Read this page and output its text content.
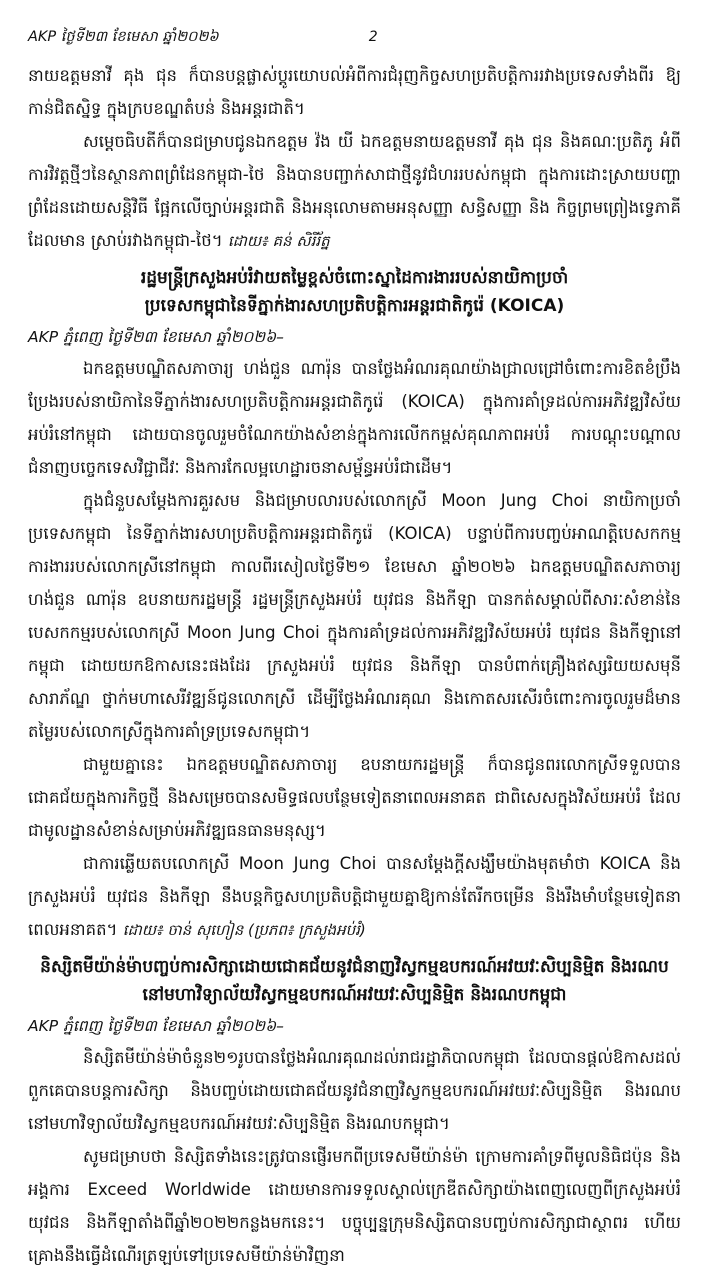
AKP ថ្ងៃទី២៣ ខែមេសា ឆ្នាំ២០២៦	2

នាយឧត្តមនាវី គុង ជុន ក៏បានបន្តផ្លាស់ប្តូរយោបល់អំពីការជំរុញកិច្ចសហប្រតិបត្តិការរវាងប្រទេសទាំងពីរ ឱ្យកាន់ជិតស្និទ្ធ ក្នុងក្របខណ្ឌតំបន់ និងអន្តរជាតិ។

សម្តេចធិបតីក៏បានជម្រាបជូនឯកឧត្តម វ៉ង យី ឯកឧត្តមនាយឧត្តមនាវី គុង ជុន និងគណៈប្រតិភូ អំពីការវិវត្តថ្មីៗនៃស្ថានភាពព្រំដែនកម្ពុជា-ថៃ និងបានបញ្ជាក់សាជាថ្មីនូវជំហររបស់កម្ពុជា ក្នុងការដោះស្រាយបញ្ហាព្រំដែនដោយសន្តិវិធី ផ្អែកលើច្បាប់អន្តរជាតិ និងអនុលោមតាមអនុសញ្ញា សន្ធិសញ្ញា និង កិច្ចព្រមព្រៀងទ្វេភាគីដែលមាន ស្រាប់រវាងកម្ពុជា-ថៃ។ ដោយ៖ គន់ សិរីរ័ត្ន

រដ្ឋមន្ត្រីក្រសួងអប់រំវាយតម្លៃខ្ពស់ចំពោះស្នាដៃការងាររបស់នាយិកាប្រចាំ
ប្រទេសកម្ពុជានៃទីភ្នាក់ងារសហប្រតិបត្តិការអន្តរជាតិកូរ៉េ (KOICA)

AKP ភ្នំពេញ ថ្ងៃទី២៣ ខែមេសា ឆ្នាំ២០២៦–

ឯកឧត្តមបណ្ឌិតសភាចារ្យ ហង់ជួន ណារ៉ុន បានថ្លែងអំណរគុណយ៉ាងជ្រាលជ្រៅចំពោះការខិតខំប្រឹងប្រែងរបស់នាយិកានៃទីភ្នាក់ងារសហប្រតិបត្តិការអន្តរជាតិកូរ៉េ (KOICA) ក្នុងការគាំទ្រដល់ការអភិវឌ្ឍវិស័យអប់រំនៅកម្ពុជា ដោយបានចូលរួមចំណែកយ៉ាងសំខាន់ក្នុងការលើកកម្ពស់គុណភាពអប់រំ ការបណ្តុះបណ្តាលជំនាញបច្ចេកទេសវិជ្ជាជីវៈ និងការកែលម្អហេដ្ឋារចនាសម្ព័ន្ធអប់រំជាដើម។

ក្នុងជំនួបសម្តែងការគួរសម និងជម្រាបលារបស់លោកស្រី Moon Jung Choi នាយិកាប្រចាំប្រទេសកម្ពុជា នៃទីភ្នាក់ងារសហប្រតិបត្តិការអន្តរជាតិកូរ៉េ (KOICA) បន្ទាប់ពីការបញ្ចប់អាណត្តិបេសកកម្មការងាររបស់លោកស្រីនៅកម្ពុជា កាលពីរសៀលថ្ងៃទី២១ ខែមេសា ឆ្នាំ២០២៦ ឯកឧត្តមបណ្ឌិតសភាចារ្យ ហង់ជួន ណារ៉ុន ឧបនាយករដ្ឋមន្ត្រី រដ្ឋមន្ត្រីក្រសួងអប់រំ យុវជន និងកីឡា បានកត់សម្គាល់ពីសារៈសំខាន់នៃបេសកកម្មរបស់លោកស្រី Moon Jung Choi ក្នុងការគាំទ្រដល់ការអភិវឌ្ឍវិស័យអប់រំ យុវជន និងកីឡានៅកម្ពុជា ដោយយកឱកាសនេះផងដែរ ក្រសួងអប់រំ យុវជន និងកីឡា បានបំពាក់គ្រឿងឥស្សរិយយសមុនីសារាភ័ណ្ឌ ថ្នាក់មហាសេរីវឌ្ឍន៍ជូនលោកស្រី ដើម្បីថ្លែងអំណរគុណ និងកោតសរសើរចំពោះការចូលរួមដ៏មានតម្លៃរបស់លោកស្រីក្នុងការគាំទ្រប្រទេសកម្ពុជា។

ជាមួយគ្នានេះ ឯកឧត្តមបណ្ឌិតសភាចារ្យ ឧបនាយករដ្ឋមន្ត្រី ក៏បានជូនពរលោកស្រីទទួលបានជោគជ័យក្នុងការកិច្ចថ្មី និងសម្រេចបានសមិទ្ធផលបន្ថែមទៀតនាពេលអនាគត ជាពិសេសក្នុងវិស័យអប់រំ ដែលជាមូលដ្ឋានសំខាន់សម្រាប់អភិវឌ្ឍធនធានមនុស្ស។

ជាការឆ្លើយតបលោកស្រី Moon Jung Choi បានសម្តែងក្តីសង្ឃឹមយ៉ាងមុតមាំថា KOICA និងក្រសួងអប់រំ យុវជន និងកីឡា នឹងបន្តកិច្ចសហប្រតិបត្តិជាមួយគ្នាឱ្យកាន់តែរីកចម្រើន និងរឹងមាំបន្ថែមទៀតនាពេលអនាគត។ ដោយ៖ ចាន់ សុហៀន (ប្រភព៖ ក្រសួងអប់រំ)

និស្សិតមីយ៉ាន់ម៉ាបញ្ចប់ការសិក្សាដោយជោគជ័យនូវជំនាញវិស្វកម្មឧបករណ៍អវយវៈសិប្បនិម្មិត និងរណប
នៅមហាវិទ្យាល័យវិស្វកម្មឧបករណ៍អវយវៈសិប្បនិម្មិត និងរណបកម្ពុជា

AKP ភ្នំពេញ ថ្ងៃទី២៣ ខែមេសា ឆ្នាំ២០២៦–

និស្សិតមីយ៉ាន់ម៉ាចំនួន២១រូបបានថ្លែងអំណរគុណដល់រាជរដ្ឋាភិបាលកម្ពុជា ដែលបានផ្តល់ឱកាសដល់ពួកគេបានបន្តការសិក្សា និងបញ្ចប់ដោយជោគជ័យនូវជំនាញវិស្វកម្មឧបករណ៍អវយវៈសិប្បនិម្មិត និងរណប នៅមហាវិទ្យាល័យវិស្វកម្មឧបករណ៍អវយវៈសិប្បនិម្មិត និងរណបកម្ពុជា។

សូមជម្រាបថា និស្សិតទាំងនេះត្រូវបានផ្ញើរមកពីប្រទេសមីយ៉ាន់ម៉ា ក្រោមការគាំទ្រពីមូលនិធិជប៉ុន និងអង្គការ Exceed Worldwide ដោយមានការទទួលស្គាល់ក្រេឌីតសិក្សាយ៉ាងពេញលេញពីក្រសួងអប់រំ យុវជន និងកីឡាតាំងពីឆ្នាំ២០២២កន្លងមកនេះ។ បច្ចុប្បន្នក្រុមនិស្សិតបានបញ្ចប់ការសិក្សាជាស្ថាពរ ហើយគ្រោងនឹងធ្វើដំណើរត្រឡប់ទៅប្រទេសមីយ៉ាន់ម៉ាវិញនា
